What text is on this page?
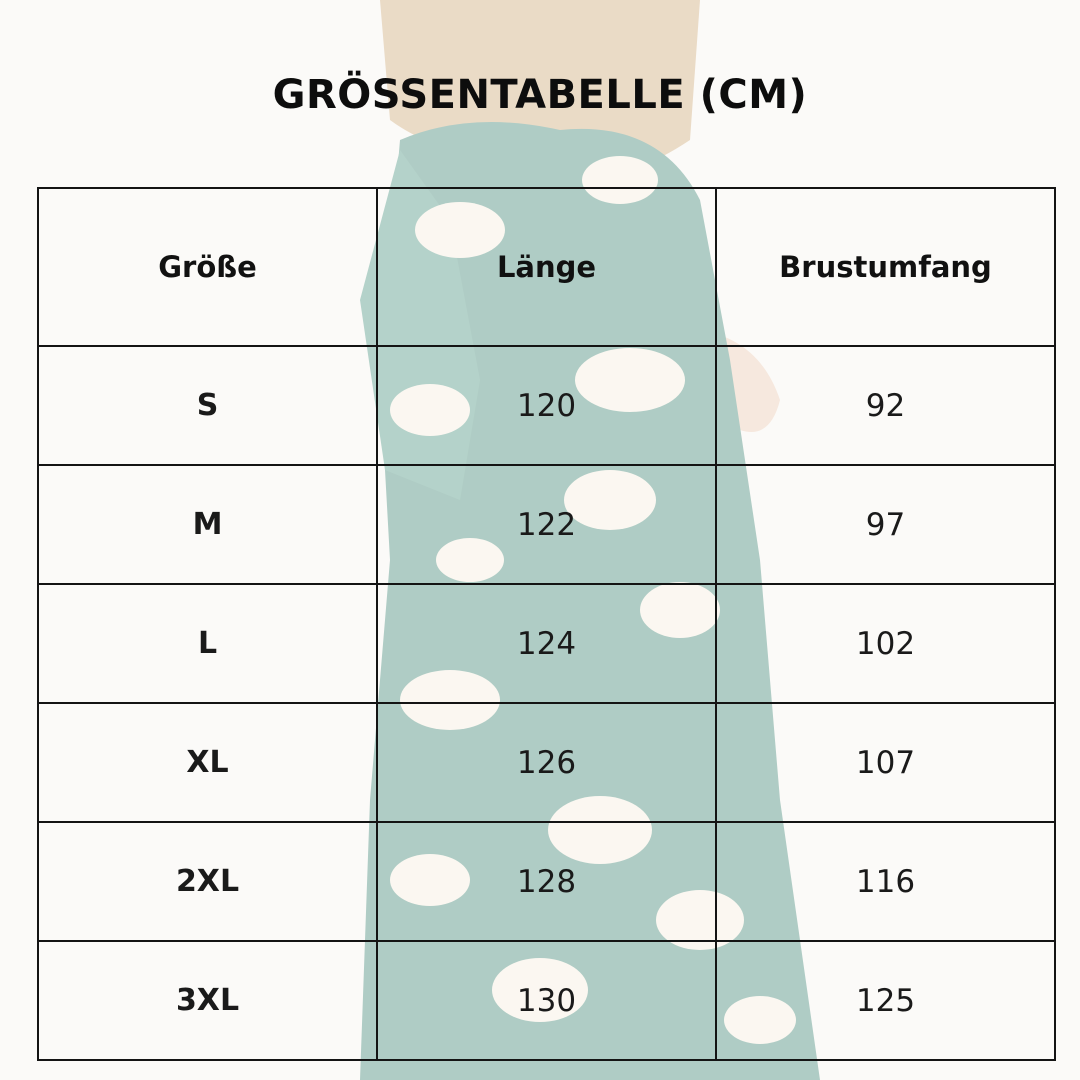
GRÖSSENTABELLE (CM)
Größe	Länge	Brustumfang
S	120	92
M	122	97
L	124	102
XL	126	107
2XL	128	116
3XL	130	125
